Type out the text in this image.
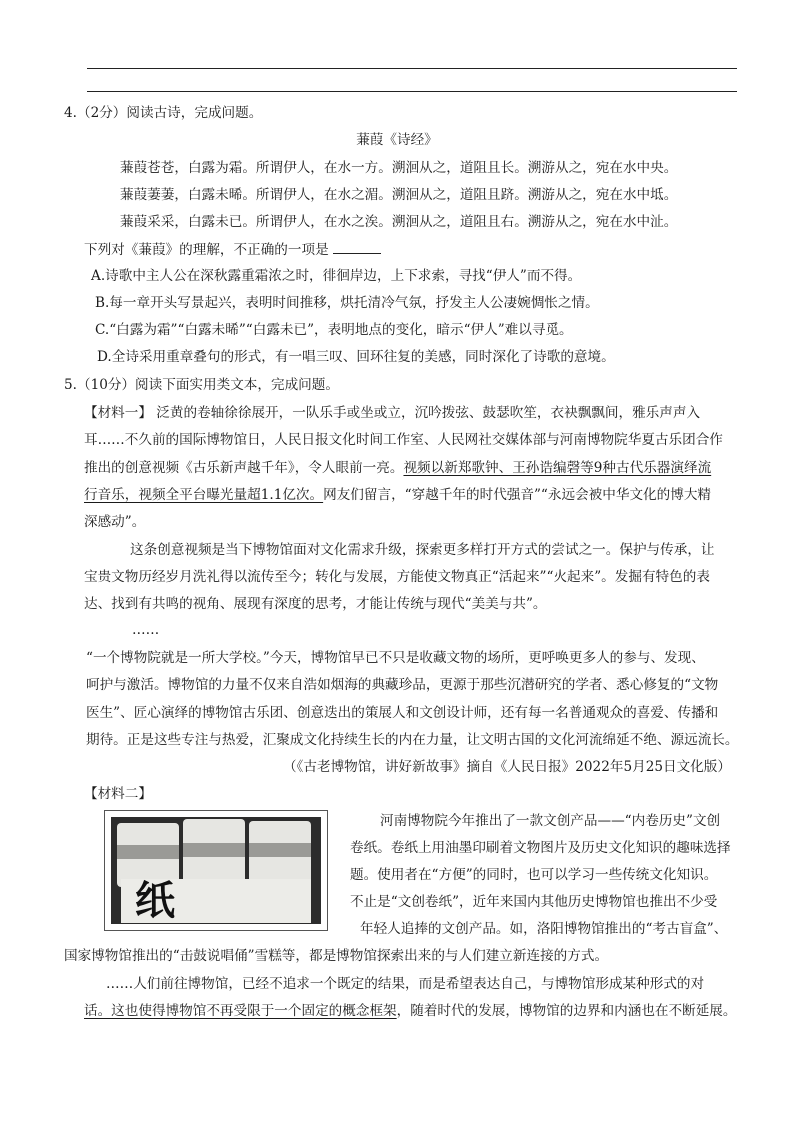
4.（2分）阅读古诗，完成问题。
蒹葭《诗经》
蒹葭苍苍，白露为霜。所谓伊人，在水一方。溯洄从之，道阻且长。溯游从之，宛在水中央。
蒹葭萋萋，白露未晞。所谓伊人，在水之湄。溯洄从之，道阻且跻。溯游从之，宛在水中坻。
蒹葭采采，白露未已。所谓伊人，在水之涘。溯洄从之，道阻且右。溯游从之，宛在水中沚。
下列对《蒹葭》的理解，不正确的一项是
A.诗歌中主人公在深秋露重霜浓之时，徘徊岸边，上下求索，寻找“伊人”而不得。
B.每一章开头写景起兴，表明时间推移，烘托清冷气氛，抒发主人公凄婉惆怅之情。
C.“白露为霜”“白露未晞”“白露未已”，表明地点的变化，暗示“伊人”难以寻觅。
D.全诗采用重章叠句的形式，有一唱三叹、回环往复的美感，同时深化了诗歌的意境。
5.（10分）阅读下面实用类文本，完成问题。
【材料一】 泛黄的卷轴徐徐展开，一队乐手或坐或立，沉吟拨弦、鼓瑟吹笙，衣袂飘飘间，雅乐声声入
耳……不久前的国际博物馆日，人民日报文化时间工作室、人民网社交媒体部与河南博物院华夏古乐团合作
推出的创意视频《古乐新声越千年》，令人眼前一亮。视频以新郑歌钟、王孙诰编磬等9种古代乐器演绎流
行音乐，视频全平台曝光量超1.1亿次。网友们留言，“穿越千年的时代强音”“永远会被中华文化的博大精
深感动”。
这条创意视频是当下博物馆面对文化需求升级，探索更多样打开方式的尝试之一。保护与传承，让
宝贵文物历经岁月洗礼得以流传至今；转化与发展，方能使文物真正“活起来”“火起来”。发掘有特色的表
达、找到有共鸣的视角、展现有深度的思考，才能让传统与现代“美美与共”。
……
“一个博物院就是一所大学校。”今天，博物馆早已不只是收藏文物的场所，更呼唤更多人的参与、发现、
呵护与激活。博物馆的力量不仅来自浩如烟海的典藏珍品，更源于那些沉潜研究的学者、悉心修复的“文物
医生”、匠心演绎的博物馆古乐团、创意迭出的策展人和文创设计师，还有每一名普通观众的喜爱、传播和
期待。正是这些专注与热爱，汇聚成文化持续生长的内在力量，让文明古国的文化河流绵延不绝、源远流长。
（《古老博物馆，讲好新故事》摘自《人民日报》2022年5月25日文化版）
【材料二】
纸
河南博物院今年推出了一款文创产品——“内卷历史”文创
卷纸。卷纸上用油墨印刷着文物图片及历史文化知识的趣味选择
题。使用者在“方便”的同时，也可以学习一些传统文化知识。
不止是“文创卷纸”，近年来国内其他历史博物馆也推出不少受
年轻人追捧的文创产品。如，洛阳博物馆推出的“考古盲盒”、
国家博物馆推出的“击鼓说唱俑”雪糕等，都是博物馆探索出来的与人们建立新连接的方式。
……人们前往博物馆，已经不追求一个既定的结果，而是希望表达自己，与博物馆形成某种形式的对
话。这也使得博物馆不再受限于一个固定的概念框架，随着时代的发展，博物馆的边界和内涵也在不断延展。
